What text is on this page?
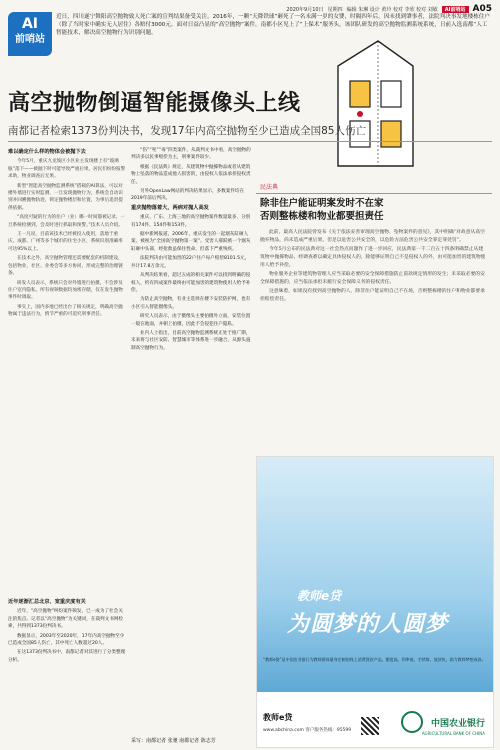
2020年9月10日 星期四 编辑 朱琳 设计 黄玲 校对 李欣 校对 刘敏	AI前哨站 A05
AI
前哨站
近日，四川遂宁舞阳高空抛物致人死亡案的宣判结果备受关注。2016年，一颗“天降铁球”砸死了一名未满一岁的女婴，时隔四年后，因未找到肇事者，法院判决事发地楼栋住户（除了当时家中确实无人居住）各赔付3000元。面对日益凸显的“高空抛物”案件，南都小区见上了“上保术”服务头，该团队研发的高空抛物监测系统系统，日前入选南都“人工智能技术，解决高空抛物行为识别问题。
高空抛物倒逼智能摄像头上线
南都记者检索1373份判决书，发现17年内高空抛物至少已造成全国85人伤亡
难以确定什么样的物体会被抛下去

今年5月，重庆九龙坡区小区业主发现楼上有“玻璃瓶”落下——被抛下时可能导致严重后果，居民们纷纷报警求助，物业调查后无果。

新型“智能高空抛物监测系统”搭载的AI算法，可以对楼外墙进行实时监测，一旦发现抛物行为，系统会自动识别并回溯抛物轨迹，锁定抛物楼层和位置，为事后追责提供依据。

“高度可疑的行为的住户（业）哪一时间都被记录，一旦系统检测到，会及时进行抓取和预警。”技术人员介绍。

王一凡说，目前该技术已经被投入使用，落地于重庆、成都、广州等多个城市的住宅小区，系统识别准确率可达95%以上。

在技术之外，高空抛物管理还需要配套的机制建设，包括物业、社区、业委会等多方协同，形成完整的治理链条。

研发人员表示，系统只会对外墙进行拍摄，不会涉及住户室内隐私，所有视频数据均加密存储，仅在发生抛物事件时调取。

事实上，国内多地已经出台了相关规定，明确高空抛物属于违法行为，情节严重的可追究刑事责任。

近年逐渐汇总北京、宽重庆度有关

近年，“高空抛物”纠纷案件频发，已一成为了社会关注的焦点。记者以“高空抛物”为关键词，在裁判文书网检索，共得到1373份判决书。

数据显示，2003年至2020年，17年内高空抛物至少已造成全国85人伤亡，其中死亡人数超过20人。

在这1373份判决书中，南都记者对其进行了分类整理分析。

“伤”“死”“毒”四类案件，从裁判文书中看，高空抛物的判决多以民事赔偿为主，刑事案件较少。

根据《民法典》规定，从建筑物中抛掷物品或者从建筑物上坠落的物品造成他人损害的，由侵权人依法承担侵权责任。

另外OpenLaw网站的判决结果显示，多数案件均在2019年前后判决。

重庆抛物落着大，两病对抛人高发

重庆、广东、上海三地的高空抛物案件数量最多，分别有174件、154件和153件。

据中新网报道，2006年，重庆发生的一起烟灰缸砸人案，被视为“全国高空抛物第一案”。受害人郝跃被一个烟灰缸砸中头部，经抢救虽保住性命，但落下严重残疾。

法院判决由可能加害的22户住户每户赔偿8101.5元，共计17.8万余元。

从判决结果看，超过五成的相关案件可以找到明确的侵权人，约有四成案件最终由可能加害的建筑物使用人给予补偿。

为防止高空抛物，有业主选择在楼下安装防护网，也有小区引入智能摄像头。

研究人员表示，由于摄像头主要拍摄外立面，安装位置一般在地面，并朝上拍摄，因此不会侵犯住户隐私。

业内人士指出，目前高空抛物监测系统正处于推广期，未来将与社区安防、智慧城市等体系进一步融合，从源头遏制高空抛物行为。

民法典
除非住户能证明案发时不在家
否则整栋楼和物业都要担责任

此前，最高人民法院曾发布《关于依法妥善审理高空抛物、坠物案件的意见》，其中明确“对故意从高空抛弃物品，尚未造成严重后果，但足以危害公共安全的，以危险方法危害公共安全罪定罪处罚”。

今年5月公布的民法典对这一社会热点问题作了进一步回应，民法典第一千二百五十四条明确禁止从建筑物中抛掷物品，经调查难以确定具体侵权人的，除能够证明自己不是侵权人的外，由可能加害的建筑物使用人给予补偿。

物业服务企业等建筑物管理人应当采取必要的安全保障措施防止前款规定情形的发生；未采取必要的安全保障措施的，应当依法承担未履行安全保障义务的侵权责任。

这意味着，如果没有找到高空抛物的人，除非住户能证明自己不在场，否则整栋楼的住户和物业都要承担赔偿责任。

教师e贷
为圆梦的人圆梦
“教师e贷”是中国农业银行为教师群体量身定制的线上消费贷款产品，额度高、利率低、手续简、放款快，助力教师梦想成真。
教师e贷
www.abchina.com 客户服务热线：95599
中国农业银行
AGRICULTURAL BANK OF CHINA
采写：南都记者 张驰 南都记者 陈志芳
